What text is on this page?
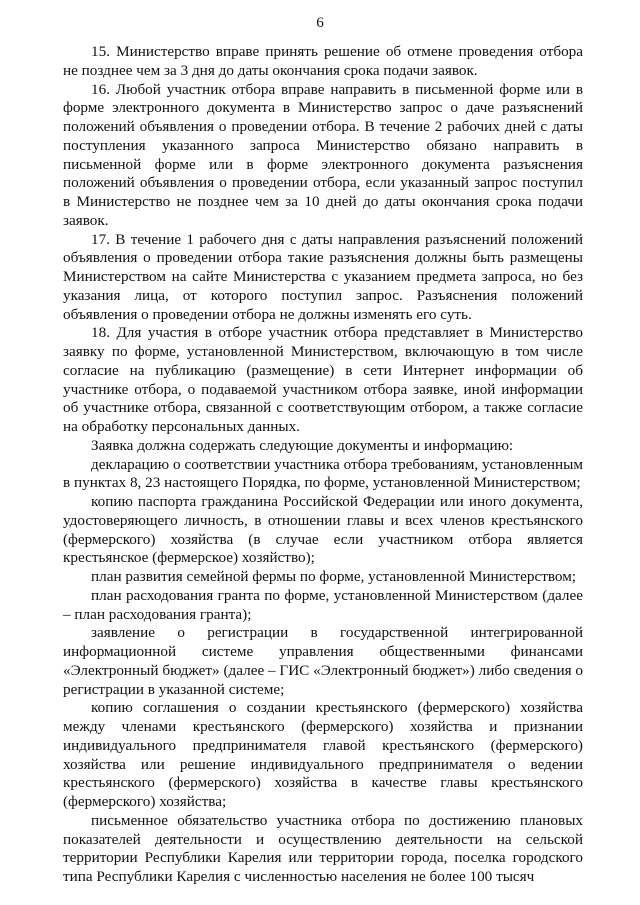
6

15. Министерство вправе принять решение об отмене проведения отбора не позднее чем за 3 дня до даты окончания срока подачи заявок.

16. Любой участник отбора вправе направить в письменной форме или в форме электронного документа в Министерство запрос о даче разъяснений положений объявления о проведении отбора. В течение 2 рабочих дней с даты поступления указанного запроса Министерство обязано направить в письменной форме или в форме электронного документа разъяснения положений объявления о проведении отбора, если указанный запрос поступил в Министерство не позднее чем за 10 дней до даты окончания срока подачи заявок.

17. В течение 1 рабочего дня с даты направления разъяснений положений объявления о проведении отбора такие разъяснения должны быть размещены Министерством на сайте Министерства с указанием предмета запроса, но без указания лица, от которого поступил запрос. Разъяснения положений объявления о проведении отбора не должны изменять его суть.

18. Для участия в отборе участник отбора представляет в Министерство заявку по форме, установленной Министерством, включающую в том числе согласие на публикацию (размещение) в сети Интернет информации об участнике отбора, о подаваемой участником отбора заявке, иной информации об участнике отбора, связанной с соответствующим отбором, а также согласие на обработку персональных данных.

Заявка должна содержать следующие документы и информацию:

декларацию о соответствии участника отбора требованиям, установленным в пунктах 8, 23 настоящего Порядка, по форме, установленной Министерством;

копию паспорта гражданина Российской Федерации или иного документа, удостоверяющего личность, в отношении главы и всех членов крестьянского (фермерского) хозяйства (в случае если участником отбора является крестьянское (фермерское) хозяйство);

план развития семейной фермы по форме, установленной Министерством;

план расходования гранта по форме, установленной Министерством (далее – план расходования гранта);

заявление о регистрации в государственной интегрированной информационной системе управления общественными финансами «Электронный бюджет» (далее – ГИС «Электронный бюджет») либо сведения о регистрации в указанной системе;

копию соглашения о создании крестьянского (фермерского) хозяйства между членами крестьянского (фермерского) хозяйства и признании индивидуального предпринимателя главой крестьянского (фермерского) хозяйства или решение индивидуального предпринимателя о ведении крестьянского (фермерского) хозяйства в качестве главы крестьянского (фермерского) хозяйства;

письменное обязательство участника отбора по достижению плановых показателей деятельности и осуществлению деятельности на сельской территории Республики Карелия или территории города, поселка городского типа Республики Карелия с численностью населения не более 100 тысяч
